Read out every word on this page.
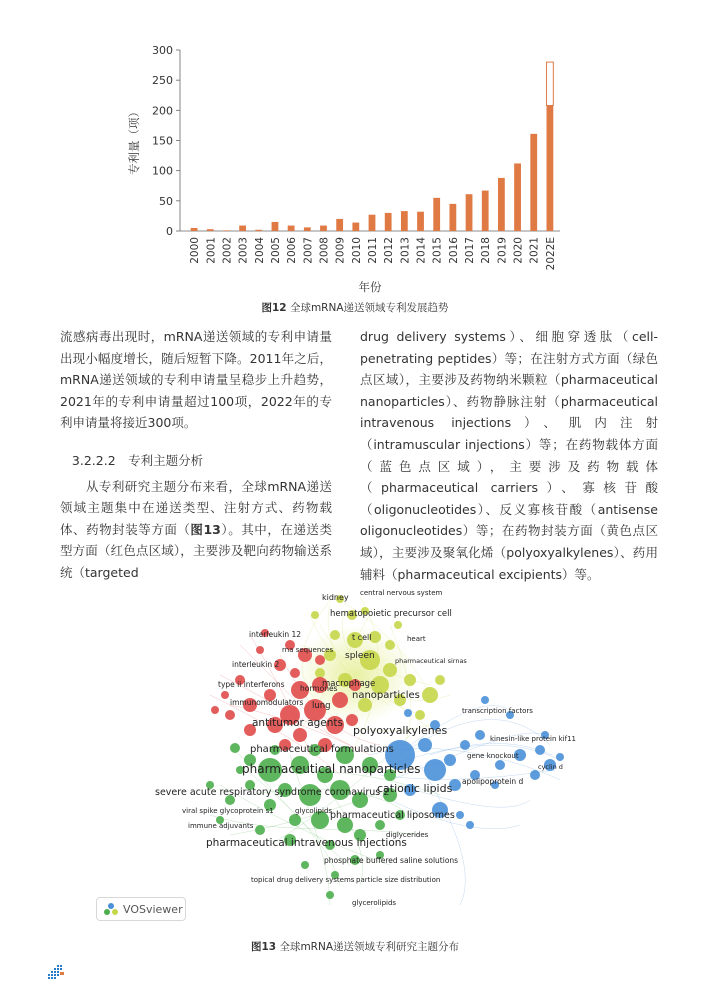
0
50
100
150
200
250
300
2000 2001 2002 2003 2004 2005 2006 2007 2008 2009 2010 2011 2012 2013 2014 2015 2016 2017 2018 2019 2020 2021 2022E
专利量（项）
年份
图12 全球mRNA递送领域专利发展趋势

流感病毒出现时，mRNA递送领域的专利申请量出现小幅度增长，随后短暂下降。2011年之后，mRNA递送领域的专利申请量呈稳步上升趋势，2021年的专利申请量超过100项，2022年的专利申请量将接近300项。

3.2.2.2　专利主题分析

　　从专利研究主题分布来看，全球mRNA递送领域主题集中在递送类型、注射方式、药物载体、药物封装等方面（图13）。其中，在递送类型方面（红色点区域），主要涉及靶向药物输送系统（targeted

drug delivery systems）、细胞穿透肽（cell-penetrating peptides）等；在注射方式方面（绿色点区域），主要涉及药物纳米颗粒（pharmaceutical nanoparticles）、药物静脉注射（pharmaceutical intravenous injections）、肌内注射（intramuscular injections）等；在药物载体方面（蓝色点区域），主要涉及药物载体（pharmaceutical carriers）、寡核苷酸（oligonucleotides）、反义寡核苷酸（antisense oligonucleotides）等；在药物封装方面（黄色点区域），主要涉及聚氧化烯（polyoxyalkylenes）、药用辅料（pharmaceutical excipients）等。

kidney central nervous system
hematopoietic precursor cell
interleukin 12
rna sequences
t cell	heart
spleen
interleukin 2	pharmaceutical sirnas
macrophage
type ii interferons hormones
nanoparticles
immunomodulators lung	transcription factors
antitumor agents
polyoxyalkylenes
kinesin-like protein kif11
gene knockout
pharmaceutical formulations
cyclin d
pharmaceutical nanoparticles
apolipoprotein d
severe acute respiratory syndrome coronavirus 2
cationic lipids
viral spike glycoprotein s1	glycolipids
pharmaceutical liposomes
immune adjuvants
diglycerides
pharmaceutical intravenous injections
phosphate buffered saline solutions
topical drug delivery systems particle size distribution
glycerolipids
VOSviewer
图13 全球mRNA递送领域专利研究主题分布
